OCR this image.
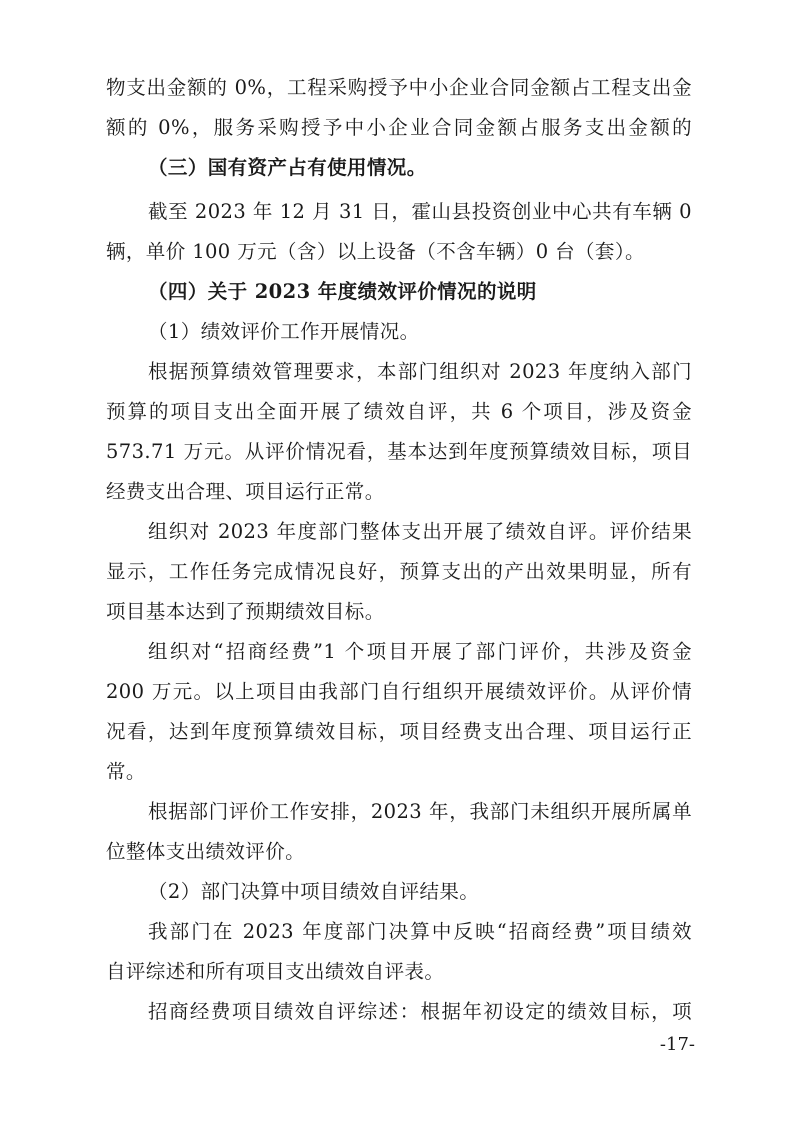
物支出金额的 0%，工程采购授予中小企业合同金额占工程支出金
额的 0%，服务采购授予中小企业合同金额占服务支出金额的
（三）国有资产占有使用情况。
截至 2023 年 12 月 31 日，霍山县投资创业中心共有车辆 0
辆，单价 100 万元（含）以上设备（不含车辆）0 台（套）。
（四）关于 2023 年度绩效评价情况的说明
（1）绩效评价工作开展情况。
根据预算绩效管理要求，本部门组织对 2023 年度纳入部门
预算的项目支出全面开展了绩效自评，共 6 个项目，涉及资金
573.71 万元。从评价情况看，基本达到年度预算绩效目标，项目
经费支出合理、项目运行正常。
组织对 2023 年度部门整体支出开展了绩效自评。评价结果
显示，工作任务完成情况良好，预算支出的产出效果明显，所有
项目基本达到了预期绩效目标。
组织对“招商经费”1 个项目开展了部门评价，共涉及资金
200 万元。以上项目由我部门自行组织开展绩效评价。从评价情
况看，达到年度预算绩效目标，项目经费支出合理、项目运行正
常。
根据部门评价工作安排，2023 年，我部门未组织开展所属单
位整体支出绩效评价。
（2）部门决算中项目绩效自评结果。
我部门在 2023 年度部门决算中反映“招商经费”项目绩效
自评综述和所有项目支出绩效自评表。
招商经费项目绩效自评综述：根据年初设定的绩效目标，项
-17-
